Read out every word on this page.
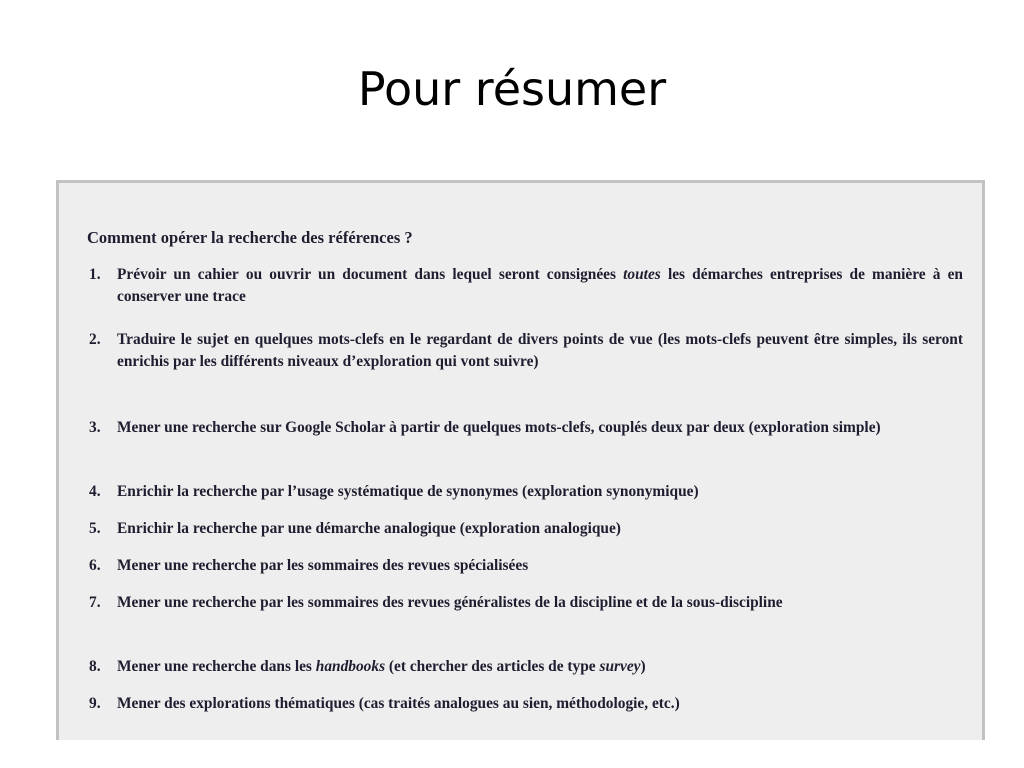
Pour résumer
Comment opérer la recherche des références ?
1.	Prévoir un cahier ou ouvrir un document dans lequel seront consignées toutes les démarches entreprises de manière à en conserver une trace
2.	Traduire le sujet en quelques mots-clefs en le regardant de divers points de vue (les mots-clefs peuvent être simples, ils seront enrichis par les différents niveaux d’exploration qui vont suivre)
3.	Mener une recherche sur Google Scholar à partir de quelques mots-clefs, couplés deux par deux (exploration simple)
4.	Enrichir la recherche par l’usage systématique de synonymes (exploration synonymique)
5.	Enrichir la recherche par une démarche analogique (exploration analogique)
6.	Mener une recherche par les sommaires des revues spécialisées
7.	Mener une recherche par les sommaires des revues généralistes de la discipline et de la sous-discipline
8.	Mener une recherche dans les handbooks (et chercher des articles de type survey)
9.	Mener des explorations thématiques (cas traités analogues au sien, méthodologie, etc.)
